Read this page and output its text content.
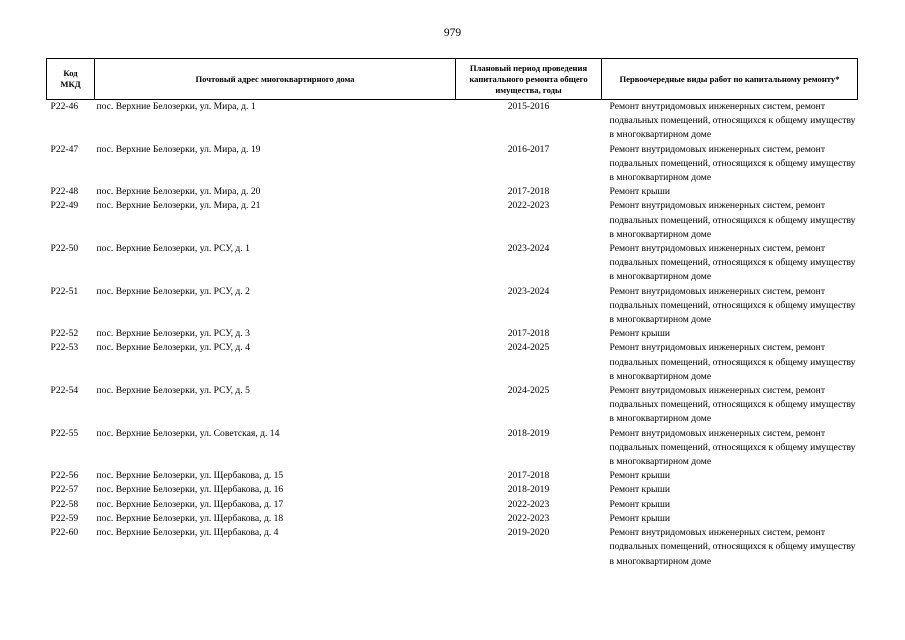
979
Код МКД	Почтовый адрес многоквартирного дома	Плановый период проведения капитального ремонта общего имущества, годы	Первоочередные виды работ по капитальному ремонту*
Р22-46	пос. Верхние Белозерки, ул. Мира, д. 1	2015-2016	Ремонт внутридомовых инженерных систем, ремонт подвальных помещений, относящихся к общему имуществу в многоквартирном доме
Р22-47	пос. Верхние Белозерки, ул. Мира, д. 19	2016-2017	Ремонт внутридомовых инженерных систем, ремонт подвальных помещений, относящихся к общему имуществу в многоквартирном доме
Р22-48	пос. Верхние Белозерки, ул. Мира, д. 20	2017-2018	Ремонт крыши
Р22-49	пос. Верхние Белозерки, ул. Мира, д. 21	2022-2023	Ремонт внутридомовых инженерных систем, ремонт подвальных помещений, относящихся к общему имуществу в многоквартирном доме
Р22-50	пос. Верхние Белозерки, ул. РСУ, д. 1	2023-2024	Ремонт внутридомовых инженерных систем, ремонт подвальных помещений, относящихся к общему имуществу в многоквартирном доме
Р22-51	пос. Верхние Белозерки, ул. РСУ, д. 2	2023-2024	Ремонт внутридомовых инженерных систем, ремонт подвальных помещений, относящихся к общему имуществу в многоквартирном доме
Р22-52	пос. Верхние Белозерки, ул. РСУ, д. 3	2017-2018	Ремонт крыши
Р22-53	пос. Верхние Белозерки, ул. РСУ, д. 4	2024-2025	Ремонт внутридомовых инженерных систем, ремонт подвальных помещений, относящихся к общему имуществу в многоквартирном доме
Р22-54	пос. Верхние Белозерки, ул. РСУ, д. 5	2024-2025	Ремонт внутридомовых инженерных систем, ремонт подвальных помещений, относящихся к общему имуществу в многоквартирном доме
Р22-55	пос. Верхние Белозерки, ул. Советская, д. 14	2018-2019	Ремонт внутридомовых инженерных систем, ремонт подвальных помещений, относящихся к общему имуществу в многоквартирном доме
Р22-56	пос. Верхние Белозерки, ул. Щербакова, д. 15	2017-2018	Ремонт крыши
Р22-57	пос. Верхние Белозерки, ул. Щербакова, д. 16	2018-2019	Ремонт крыши
Р22-58	пос. Верхние Белозерки, ул. Щербакова, д. 17	2022-2023	Ремонт крыши
Р22-59	пос. Верхние Белозерки, ул. Щербакова, д. 18	2022-2023	Ремонт крыши
Р22-60	пос. Верхние Белозерки, ул. Щербакова, д. 4	2019-2020	Ремонт внутридомовых инженерных систем, ремонт подвальных помещений, относящихся к общему имуществу в многоквартирном доме
